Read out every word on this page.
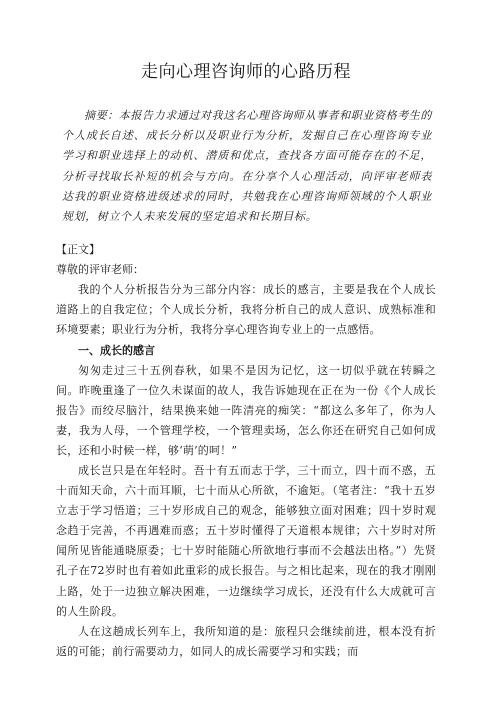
走向心理咨询师的心路历程

摘要：本报告力求通过对我这名心理咨询师从事者和职业资格考生的个人成长自述、成长分析以及职业行为分析，发掘自己在心理咨询专业学习和职业选择上的动机、潜质和优点，查找各方面可能存在的不足，分析寻找取长补短的机会与方向。在分享个人心理活动，向评审老师表达我的职业资格进级述求的同时，共勉我在心理咨询师领域的个人职业规划，树立个人未来发展的坚定追求和长期目标。

【正文】

尊敬的评审老师：

我的个人分析报告分为三部分内容：成长的感言，主要是我在个人成长道路上的自我定位；个人成长分析，我将分析自己的成人意识、成熟标准和环境要素；职业行为分析，我将分享心理咨询专业上的一点感悟。

一、成长的感言

匆匆走过三十五例春秋，如果不是因为记忆，这一切似乎就在转瞬之间。昨晚重逢了一位久未谋面的故人，我告诉她现在正在为一份《个人成长报告》而绞尽脑汁，结果换来她一阵清亮的痴笑：“都这么多年了，你为人妻，我为人母，一个管理学校，一个管理卖场，怎么你还在研究自己如何成长，还和小时候一样，够‘萌’的呵！”

成长岂只是在年轻时。吾十有五而志于学，三十而立，四十而不惑，五十而知天命，六十而耳顺，七十而从心所欲，不逾矩。（笔者注：“我十五岁立志于学习悟道；三十岁形成自己的观念，能够独立面对困难；四十岁时观念趋于完善，不再遇难而惑；五十岁时懂得了天道根本规律；六十岁时对所闻所见皆能通晓原委；七十岁时能随心所欲地行事而不会越法出格。”）先贤孔子在72岁时也有着如此重彩的成长报告。与之相比起来，现在的我才刚刚上路，处于一边独立解决困难，一边继续学习成长，还没有什么大成就可言的人生阶段。

人在这趟成长列车上，我所知道的是：旅程只会继续前进，根本没有折返的可能；前行需要动力，如同人的成长需要学习和实践；而
